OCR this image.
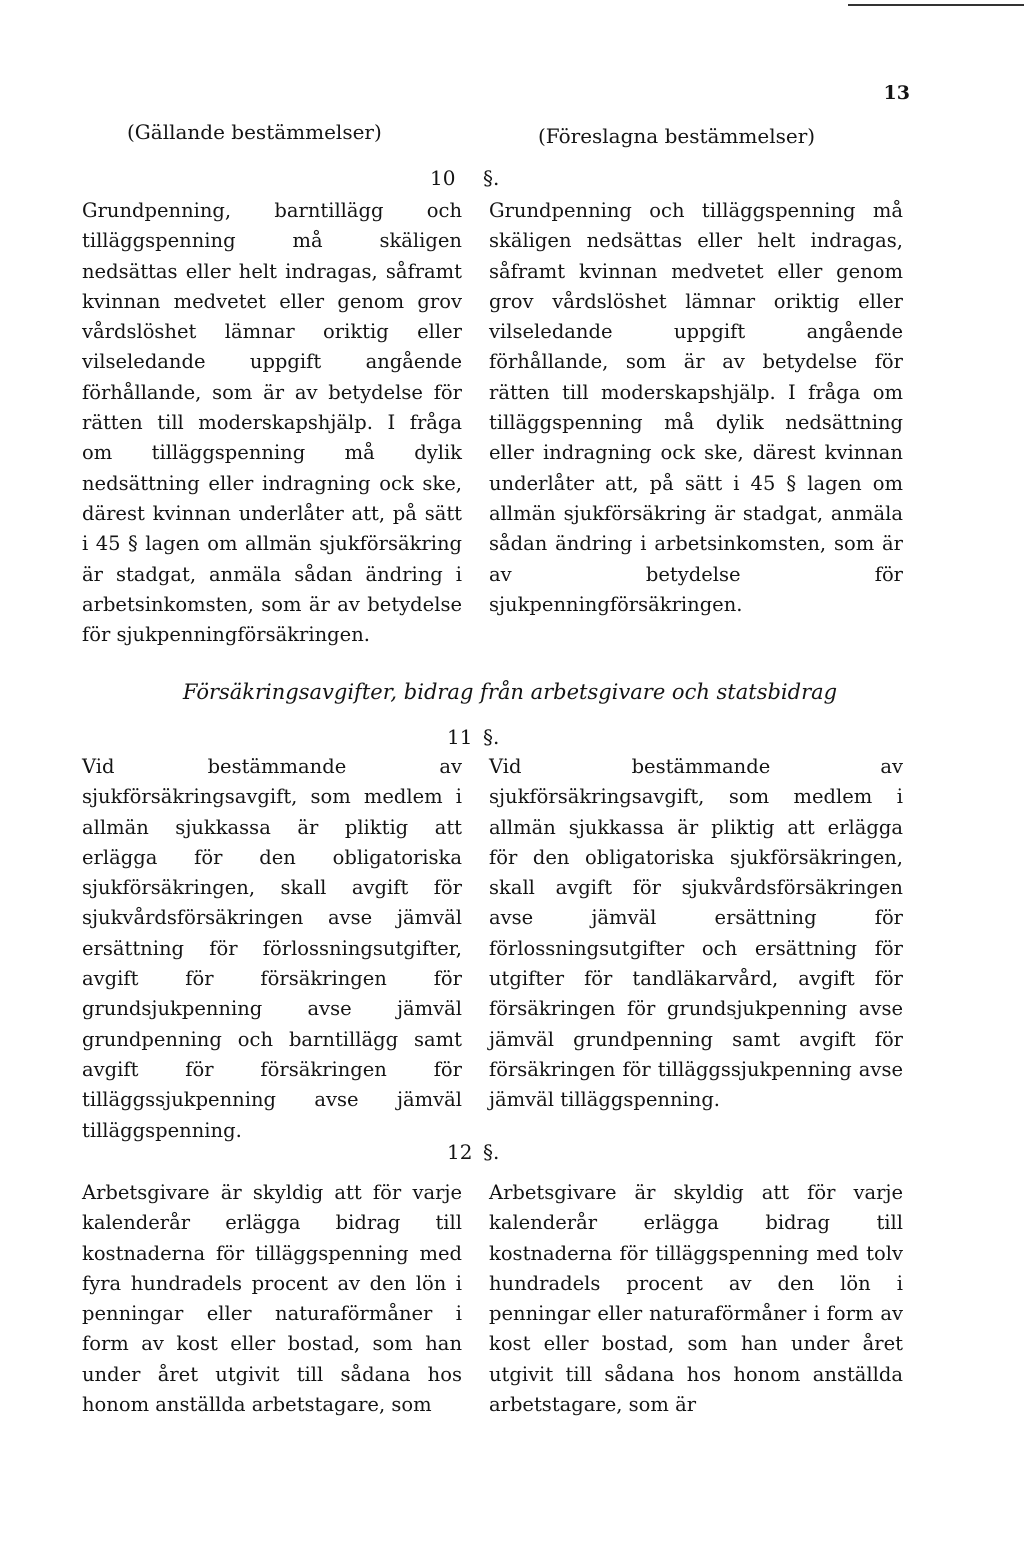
13
(Gällande bestämmelser)	(Föreslagna bestämmelser)
10 §.

Grundpenning, barntillägg och tilläggspenning må skäligen nedsättas eller helt indragas, såframt kvinnan medvetet eller genom grov vårdslöshet lämnar oriktig eller vilseledande uppgift angående förhållande, som är av betydelse för rätten till moderskapshjälp. I fråga om tilläggspenning må dylik nedsättning eller indragning ock ske, därest kvinnan underlåter att, på sätt i 45 § lagen om allmän sjukförsäkring är stadgat, anmäla sådan ändring i arbetsinkomsten, som är av betydelse för sjukpenningförsäkringen.

Grundpenning och tilläggspenning må skäligen nedsättas eller helt indragas, såframt kvinnan medvetet eller genom grov vårdslöshet lämnar oriktig eller vilseledande uppgift angående förhållande, som är av betydelse för rätten till moderskapshjälp. I fråga om tilläggspenning må dylik nedsättning eller indragning ock ske, därest kvinnan underlåter att, på sätt i 45 § lagen om allmän sjukförsäkring är stadgat, anmäla sådan ändring i arbetsinkomsten, som är av betydelse för sjukpenningförsäkringen.

Försäkringsavgifter, bidrag från arbetsgivare och statsbidrag
11 §.

Vid bestämmande av sjukförsäkringsavgift, som medlem i allmän sjukkassa är pliktig att erlägga för den obligatoriska sjukförsäkringen, skall avgift för sjukvårdsförsäkringen avse jämväl ersättning för förlossningsutgifter, avgift för försäkringen för grundsjukpenning avse jämväl grundpenning och barntillägg samt avgift för försäkringen för tilläggssjukpenning avse jämväl tilläggspenning.

Vid bestämmande av sjukförsäkringsavgift, som medlem i allmän sjukkassa är pliktig att erlägga för den obligatoriska sjukförsäkringen, skall avgift för sjukvårdsförsäkringen avse jämväl ersättning för förlossningsutgifter och ersättning för utgifter för tandläkarvård, avgift för försäkringen för grundsjukpenning avse jämväl grundpenning samt avgift för försäkringen för tilläggssjukpenning avse jämväl tilläggspenning.

12 §.

Arbetsgivare är skyldig att för varje kalenderår erlägga bidrag till kostnaderna för tilläggspenning med fyra hundradels procent av den lön i penningar eller naturaförmåner i form av kost eller bostad, som han under året utgivit till sådana hos honom anställda arbetstagare, som

Arbetsgivare är skyldig att för varje kalenderår erlägga bidrag till kostnaderna för tilläggspenning med tolv hundradels procent av den lön i penningar eller naturaförmåner i form av kost eller bostad, som han under året utgivit till sådana hos honom anställda arbetstagare, som är
